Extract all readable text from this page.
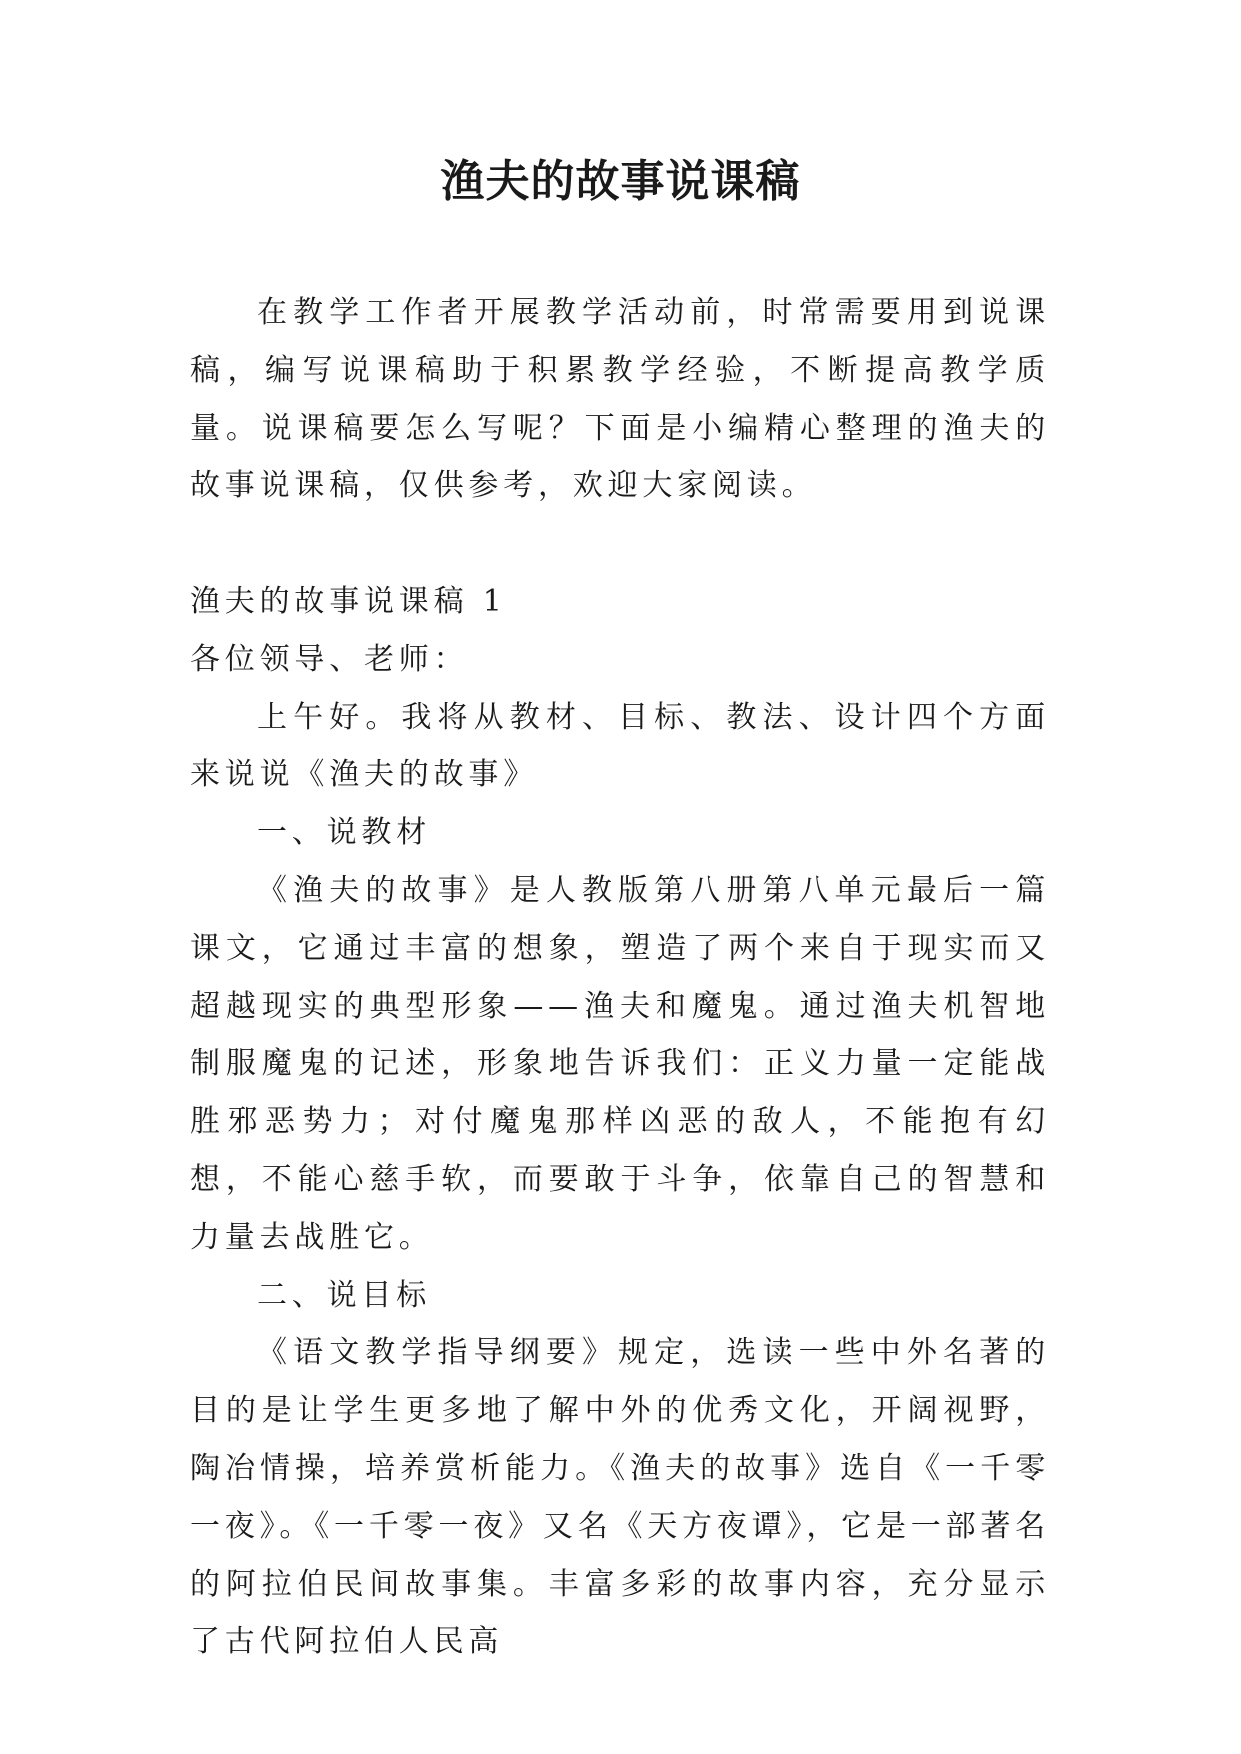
渔夫的故事说课稿

在教学工作者开展教学活动前，时常需要用到说课稿，编写说课稿助于积累教学经验，不断提高教学质量。说课稿要怎么写呢？下面是小编精心整理的渔夫的故事说课稿，仅供参考，欢迎大家阅读。

渔夫的故事说课稿 1

各位领导、老师：

上午好。我将从教材、目标、教法、设计四个方面来说说《渔夫的故事》

一、说教材

《渔夫的故事》是人教版第八册第八单元最后一篇课文，它通过丰富的想象，塑造了两个来自于现实而又超越现实的典型形象——渔夫和魔鬼。通过渔夫机智地制服魔鬼的记述，形象地告诉我们：正义力量一定能战胜邪恶势力；对付魔鬼那样凶恶的敌人，不能抱有幻想，不能心慈手软，而要敢于斗争，依靠自己的智慧和力量去战胜它。

二、说目标

《语文教学指导纲要》规定，选读一些中外名著的目的是让学生更多地了解中外的优秀文化，开阔视野，陶冶情操，培养赏析能力。《渔夫的故事》选自《一千零一夜》。《一千零一夜》又名《天方夜谭》，它是一部著名的阿拉伯民间故事集。丰富多彩的故事内容，充分显示了古代阿拉伯人民高
